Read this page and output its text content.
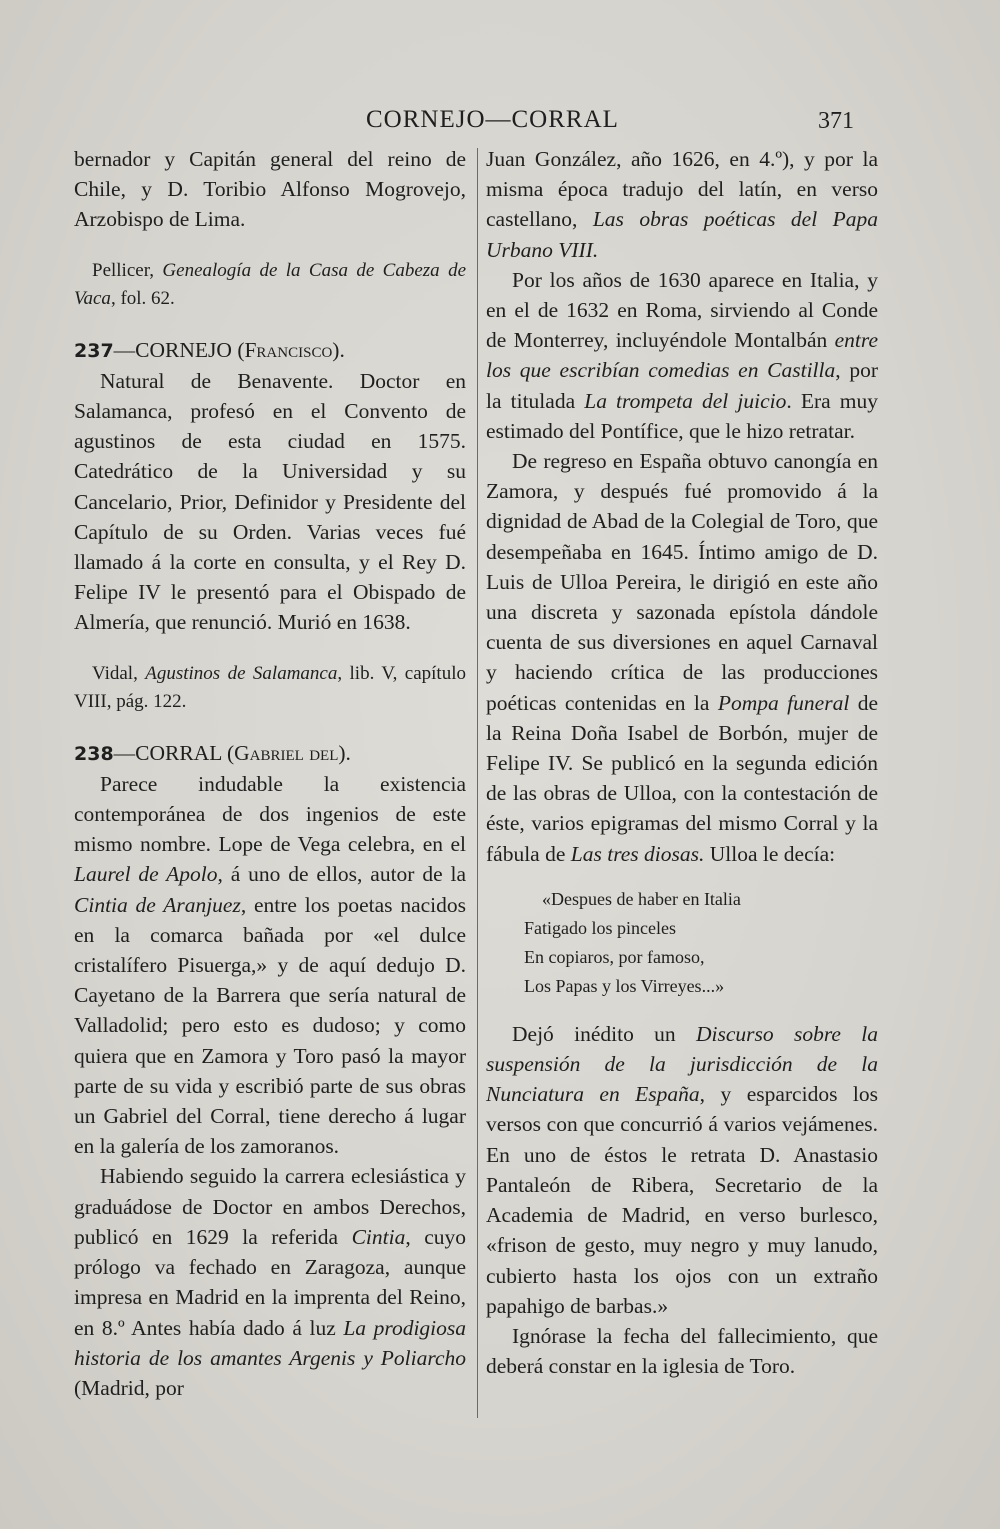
CORNEJO—CORRAL	371

bernador y Capitán general del reino de Chile, y D. Toribio Alfonso Mogrovejo, Arzobispo de Lima.

Pellicer, Genealogía de la Casa de Cabeza de Vaca, fol. 62.

237—CORNEJO (Francisco).

Natural de Benavente. Doctor en Salamanca, profesó en el Convento de agustinos de esta ciudad en 1575. Catedrático de la Universidad y su Cancelario, Prior, Definidor y Presidente del Capítulo de su Orden. Varias veces fué llamado á la corte en consulta, y el Rey D. Felipe IV le presentó para el Obispado de Almería, que renunció. Murió en 1638.

Vidal, Agustinos de Salamanca, lib. V, capítulo VIII, pág. 122.

238—CORRAL (Gabriel del).

Parece indudable la existencia contemporánea de dos ingenios de este mismo nombre. Lope de Vega celebra, en el Laurel de Apolo, á uno de ellos, autor de la Cintia de Aranjuez, entre los poetas nacidos en la comarca bañada por «el dulce cristalífero Pisuerga,» y de aquí dedujo D. Cayetano de la Barrera que sería natural de Valladolid; pero esto es dudoso; y como quiera que en Zamora y Toro pasó la mayor parte de su vida y escribió parte de sus obras un Gabriel del Corral, tiene derecho á lugar en la galería de los zamoranos.

Habiendo seguido la carrera eclesiástica y graduádose de Doctor en ambos Derechos, publicó en 1629 la referida Cintia, cuyo prólogo va fechado en Zaragoza, aunque impresa en Madrid en la imprenta del Reino, en 8.º Antes había dado á luz La prodigiosa historia de los amantes Argenis y Poliarcho (Madrid, por

Juan González, año 1626, en 4.º), y por la misma época tradujo del latín, en verso castellano, Las obras poéticas del Papa Urbano VIII.

Por los años de 1630 aparece en Italia, y en el de 1632 en Roma, sirviendo al Conde de Monterrey, incluyéndole Montalbán entre los que escribían comedias en Castilla, por la titulada La trompeta del juicio. Era muy estimado del Pontífice, que le hizo retratar.

De regreso en España obtuvo canongía en Zamora, y después fué promovido á la dignidad de Abad de la Colegial de Toro, que desempeñaba en 1645. Íntimo amigo de D. Luis de Ulloa Pereira, le dirigió en este año una discreta y sazonada epístola dándole cuenta de sus diversiones en aquel Carnaval y haciendo crítica de las producciones poéticas contenidas en la Pompa funeral de la Reina Doña Isabel de Borbón, mujer de Felipe IV. Se publicó en la segunda edición de las obras de Ulloa, con la contestación de éste, varios epigramas del mismo Corral y la fábula de Las tres diosas. Ulloa le decía:

«Despues de haber en Italia
Fatigado los pinceles
En copiaros, por famoso,
Los Papas y los Virreyes...»

Dejó inédito un Discurso sobre la suspensión de la jurisdicción de la Nunciatura en España, y esparcidos los versos con que concurrió á varios vejámenes. En uno de éstos le retrata D. Anastasio Pantaleón de Ribera, Secretario de la Academia de Madrid, en verso burlesco, «frison de gesto, muy negro y muy lanudo, cubierto hasta los ojos con un extraño papahigo de barbas.»

Ignórase la fecha del fallecimiento, que deberá constar en la iglesia de Toro.
